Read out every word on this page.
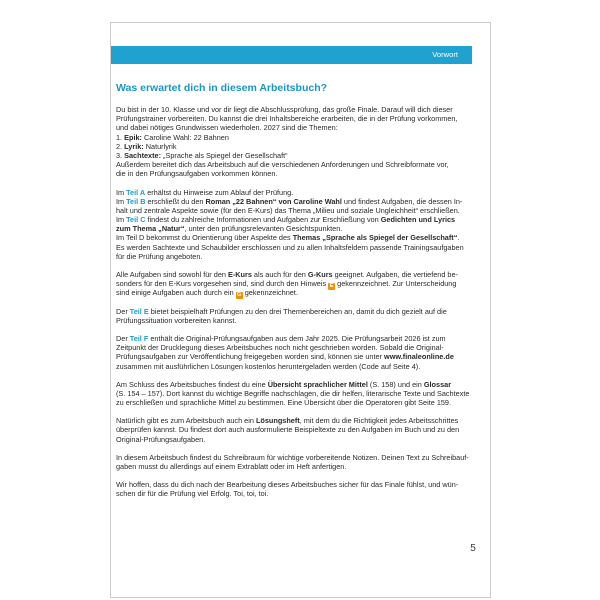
Vorwort
Was erwartet dich in diesem Arbeitsbuch?
Du bist in der 10. Klasse und vor dir liegt die Abschlussprüfung, das große Finale. Darauf will dich dieser
Prüfungstrainer vorbereiten. Du kannst die drei Inhaltsbereiche erarbeiten, die in der Prüfung vorkommen,
und dabei nötiges Grundwissen wiederholen. 2027 sind die Themen:
1. Epik: Caroline Wahl: 22 Bahnen
2. Lyrik: Naturlyrik
3. Sachtexte: „Sprache als Spiegel der Gesellschaft“
Außerdem bereitet dich das Arbeitsbuch auf die verschiedenen Anforderungen und Schreibformate vor,
die in den Prüfungsaufgaben vorkommen können.
Im Teil A erhältst du Hinweise zum Ablauf der Prüfung.
Im Teil B erschließt du den Roman „22 Bahnen“ von Caroline Wahl und findest Aufgaben, die dessen In-
halt und zentrale Aspekte sowie (für den E-Kurs) das Thema „Milieu und soziale Ungleichheit“ erschließen.
Im Teil C findest du zahlreiche Informationen und Aufgaben zur Erschließung von Gedichten und Lyrics
zum Thema „Natur“, unter den prüfungsrelevanten Gesichtspunkten.
Im Teil D bekommst du Orientierung über Aspekte des Themas „Sprache als Spiegel der Gesellschaft“.
Es werden Sachtexte und Schaubilder erschlossen und zu allen Inhaltsfeldern passende Trainingsaufgaben
für die Prüfung angeboten.
Alle Aufgaben sind sowohl für den E-Kurs als auch für den G-Kurs geeignet. Aufgaben, die vertiefend be-
sonders für den E-Kurs vorgesehen sind, sind durch den Hinweis E gekennzeichnet. Zur Unterscheidung
sind einige Aufgaben auch durch ein G gekennzeichnet.
Der Teil E bietet beispielhaft Prüfungen zu den drei Themenbereichen an, damit du dich gezielt auf die
Prüfungssituation vorbereiten kannst.
Der Teil F enthält die Original-Prüfungsaufgaben aus dem Jahr 2025. Die Prüfungsarbeit 2026 ist zum
Zeitpunkt der Drucklegung dieses Arbeitsbuches noch nicht geschrieben worden. Sobald die Original-
Prüfungsaufgaben zur Veröffentlichung freigegeben worden sind, können sie unter www.finaleonline.de
zusammen mit ausführlichen Lösungen kostenlos heruntergeladen werden (Code auf Seite 4).
Am Schluss des Arbeitsbuches findest du eine Übersicht sprachlicher Mittel (S. 158) und ein Glossar
(S. 154 – 157). Dort kannst du wichtige Begriffe nachschlagen, die dir helfen, literarische Texte und Sachtexte
zu erschließen und sprachliche Mittel zu bestimmen. Eine Übersicht über die Operatoren gibt Seite 159.
Natürlich gibt es zum Arbeitsbuch auch ein Lösungsheft, mit dem du die Richtigkeit jedes Arbeitsschrittes
überprüfen kannst. Du findest dort auch ausformulierte Beispieltexte zu den Aufgaben im Buch und zu den
Original-Prüfungsaufgaben.
In diesem Arbeitsbuch findest du Schreibraum für wichtige vorbereitende Notizen. Deinen Text zu Schreibauf-
gaben musst du allerdings auf einem Extrablatt oder im Heft anfertigen.
Wir hoffen, dass du dich nach der Bearbeitung dieses Arbeitsbuches sicher für das Finale fühlst, und wün-
schen dir für die Prüfung viel Erfolg. Toi, toi, toi.
5
